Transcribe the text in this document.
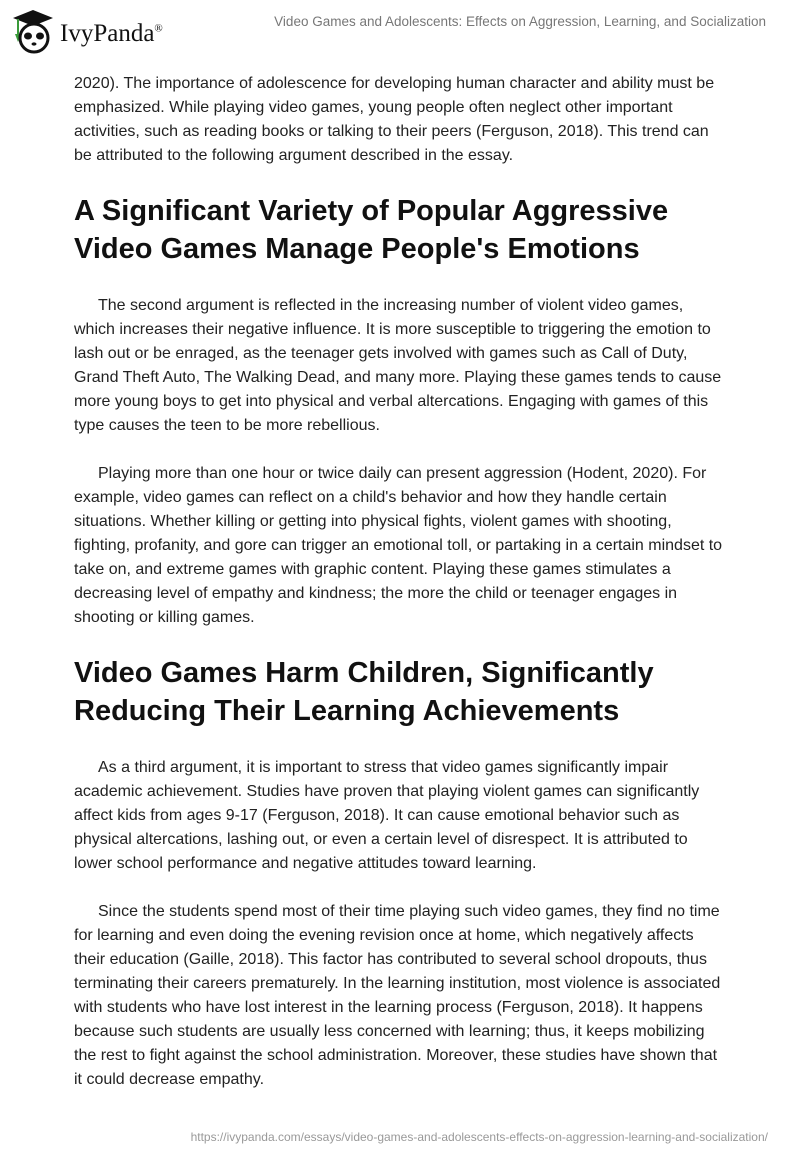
IvyPanda®	Video Games and Adolescents: Effects on Aggression, Learning, and Socialization

2020). The importance of adolescence for developing human character and ability must be emphasized. While playing video games, young people often neglect other important activities, such as reading books or talking to their peers (Ferguson, 2018). This trend can be attributed to the following argument described in the essay.

A Significant Variety of Popular Aggressive Video Games Manage People's Emotions

The second argument is reflected in the increasing number of violent video games, which increases their negative influence. It is more susceptible to triggering the emotion to lash out or be enraged, as the teenager gets involved with games such as Call of Duty, Grand Theft Auto, The Walking Dead, and many more. Playing these games tends to cause more young boys to get into physical and verbal altercations. Engaging with games of this type causes the teen to be more rebellious.

Playing more than one hour or twice daily can present aggression (Hodent, 2020). For example, video games can reflect on a child's behavior and how they handle certain situations. Whether killing or getting into physical fights, violent games with shooting, fighting, profanity, and gore can trigger an emotional toll, or partaking in a certain mindset to take on, and extreme games with graphic content. Playing these games stimulates a decreasing level of empathy and kindness; the more the child or teenager engages in shooting or killing games.

Video Games Harm Children, Significantly Reducing Their Learning Achievements

As a third argument, it is important to stress that video games significantly impair academic achievement. Studies have proven that playing violent games can significantly affect kids from ages 9-17 (Ferguson, 2018). It can cause emotional behavior such as physical altercations, lashing out, or even a certain level of disrespect. It is attributed to lower school performance and negative attitudes toward learning.

Since the students spend most of their time playing such video games, they find no time for learning and even doing the evening revision once at home, which negatively affects their education (Gaille, 2018). This factor has contributed to several school dropouts, thus terminating their careers prematurely. In the learning institution, most violence is associated with students who have lost interest in the learning process (Ferguson, 2018). It happens because such students are usually less concerned with learning; thus, it keeps mobilizing the rest to fight against the school administration. Moreover, these studies have shown that it could decrease empathy.

https://ivypanda.com/essays/video-games-and-adolescents-effects-on-aggression-learning-and-socialization/
